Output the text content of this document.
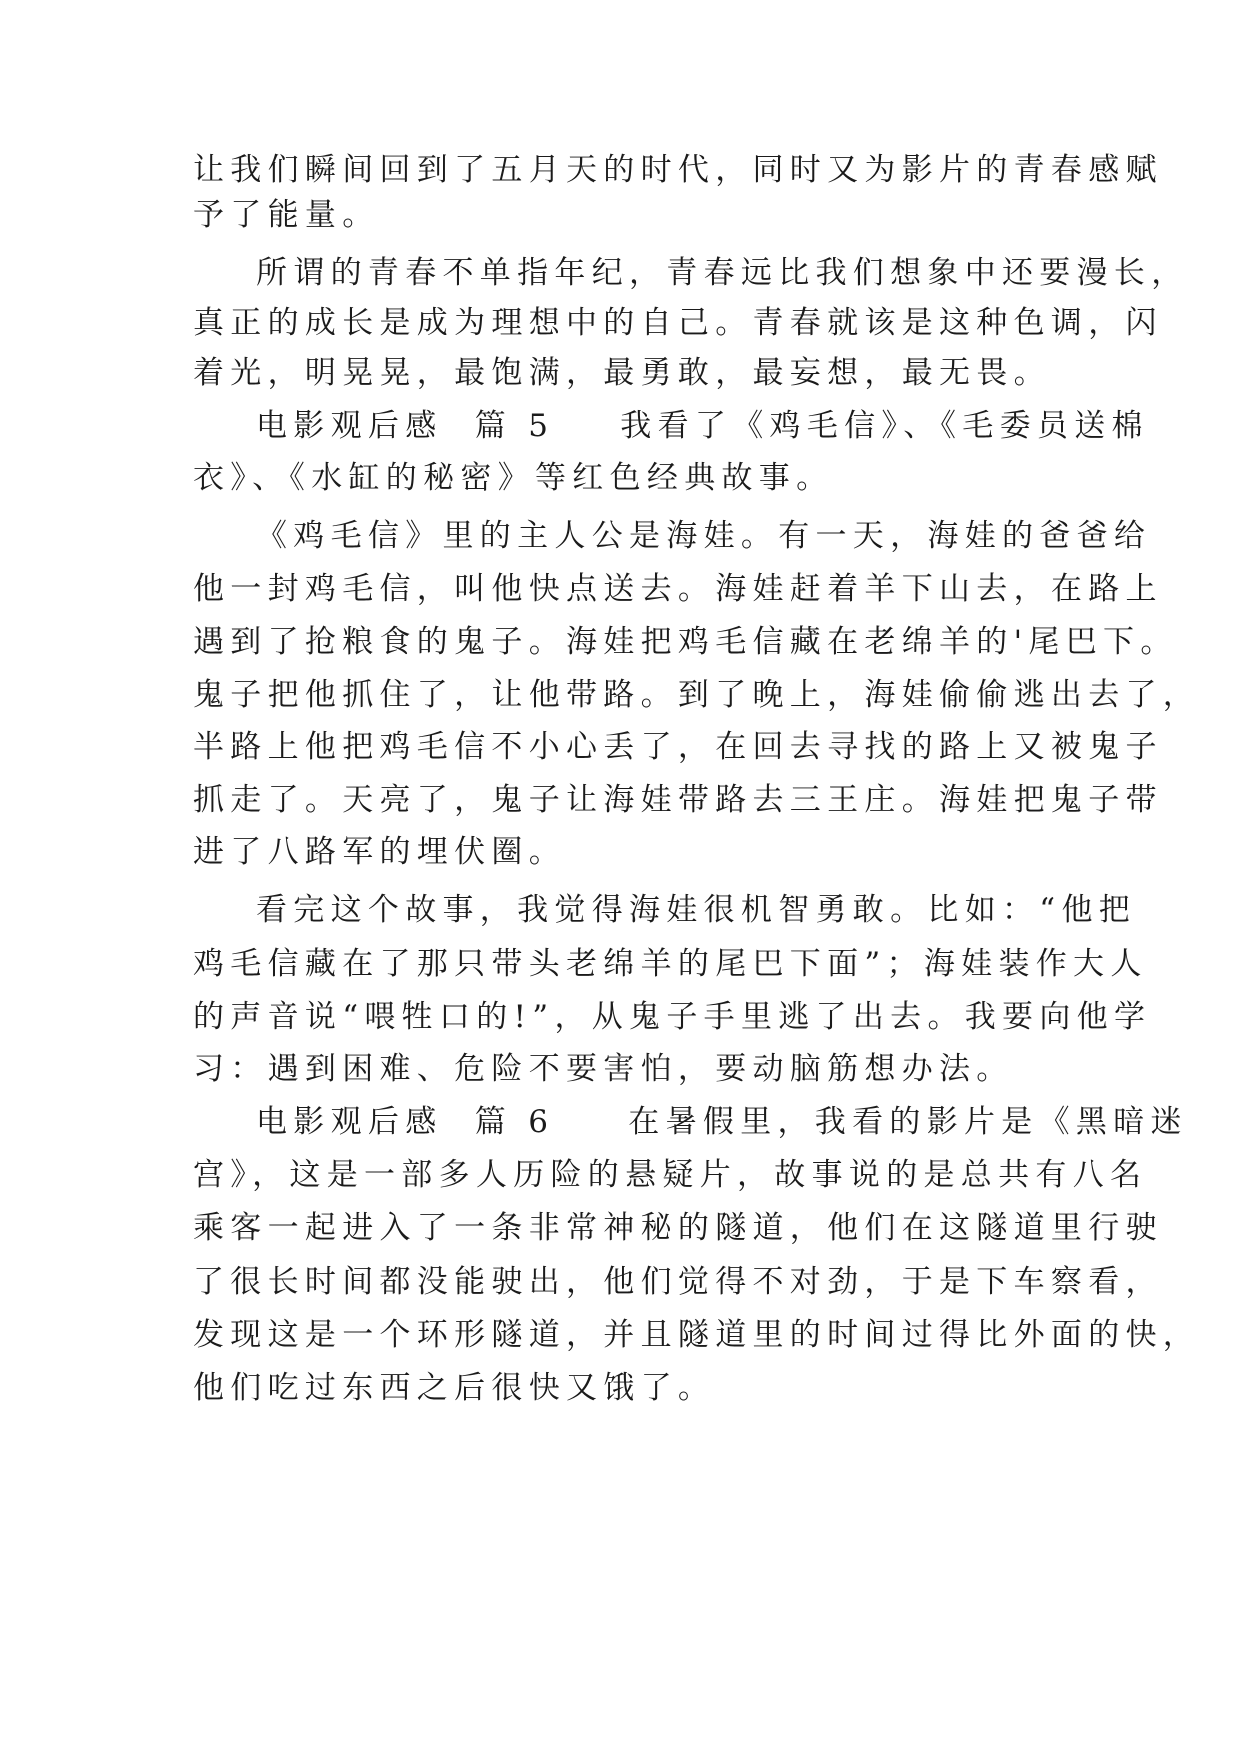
让我们瞬间回到了五月天的时代，同时又为影片的青春感赋
予了能量。
所谓的青春不单指年纪，青春远比我们想象中还要漫长，
真正的成长是成为理想中的自己。青春就该是这种色调，闪
着光，明晃晃，最饱满，最勇敢，最妄想，最无畏。
电影观后感  篇 5 我看了《鸡毛信》、《毛委员送棉
衣》、《水缸的秘密》等红色经典故事。
《鸡毛信》里的主人公是海娃。有一天，海娃的爸爸给
他一封鸡毛信，叫他快点送去。海娃赶着羊下山去，在路上
遇到了抢粮食的鬼子。海娃把鸡毛信藏在老绵羊的'尾巴下。
鬼子把他抓住了，让他带路。到了晚上，海娃偷偷逃出去了，
半路上他把鸡毛信不小心丢了，在回去寻找的路上又被鬼子
抓走了。天亮了，鬼子让海娃带路去三王庄。海娃把鬼子带
进了八路军的埋伏圈。
看完这个故事，我觉得海娃很机智勇敢。比如：“他把
鸡毛信藏在了那只带头老绵羊的尾巴下面”；海娃装作大人
的声音说“喂牲口的!”，从鬼子手里逃了出去。我要向他学
习：遇到困难、危险不要害怕，要动脑筋想办法。
电影观后感  篇 6 在暑假里，我看的影片是《黑暗迷
宫》，这是一部多人历险的悬疑片，故事说的是总共有八名
乘客一起进入了一条非常神秘的隧道，他们在这隧道里行驶
了很长时间都没能驶出，他们觉得不对劲，于是下车察看，
发现这是一个环形隧道，并且隧道里的时间过得比外面的快，
他们吃过东西之后很快又饿了。
